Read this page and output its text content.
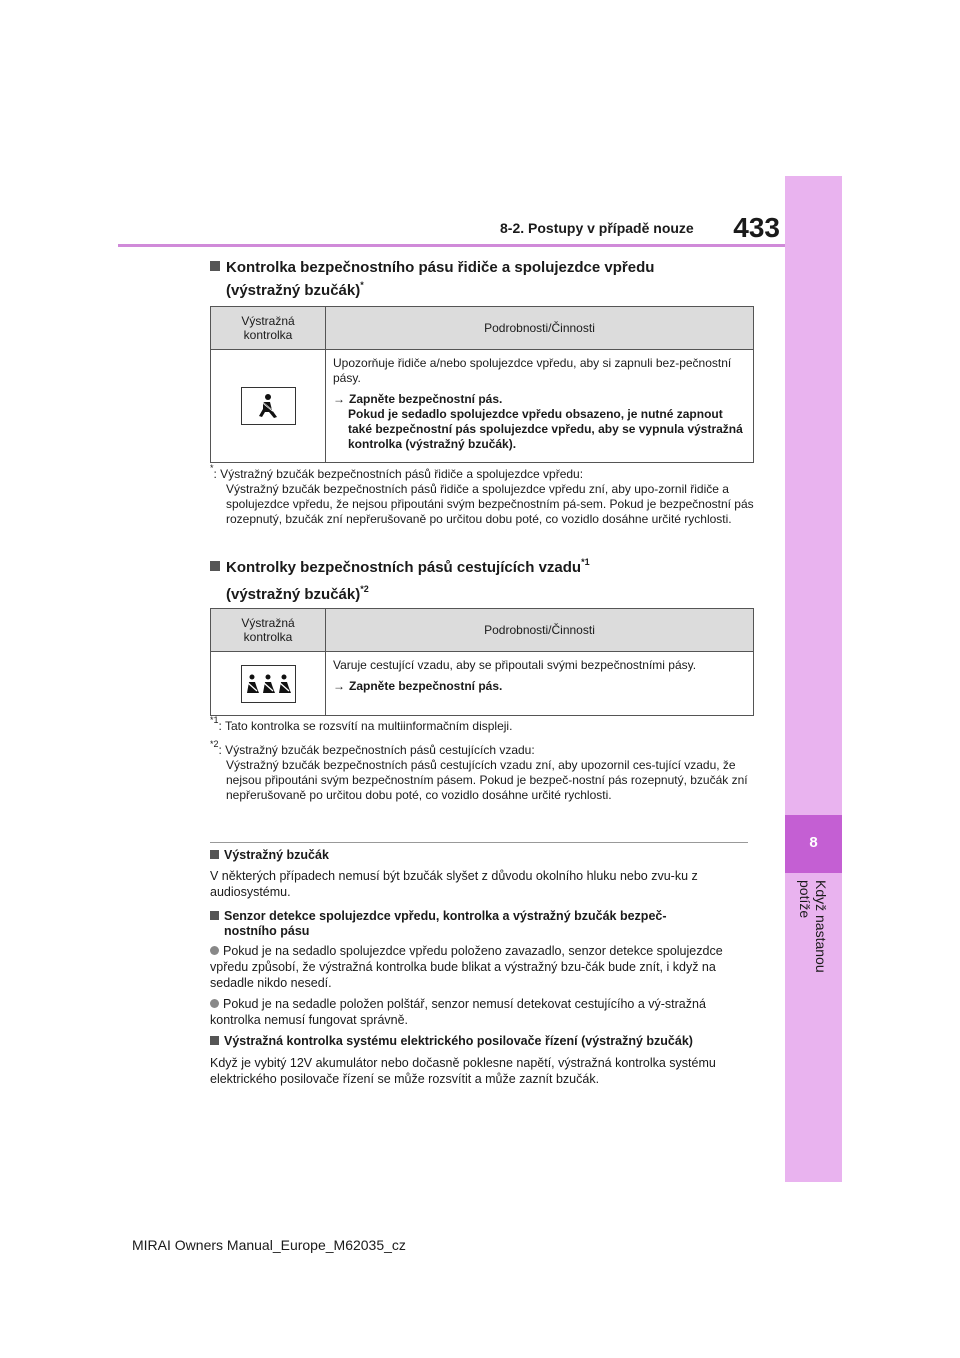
8
Když nastanou potíže
8-2. Postupy v případě nouze	433
Kontrolka bezpečnostního pásu řidiče a spolujezdce vpředu
(výstražný bzučák)*
Výstražná
kontrolka	Podrobnosti/Činnosti

Upozorňuje řidiče a/nebo spolujezdce vpředu, aby si zapnuli bez-pečnostní pásy.

→ Zapněte bezpečnostní pás.
Pokud je sedadlo spolujezdce vpředu obsazeno, je nutné zapnout také bezpečnostní pás spolujezdce vpředu, aby se vypnula výstražná kontrolka (výstražný bzučák).

*: Výstražný bzučák bezpečnostních pásů řidiče a spolujezdce vpředu:
Výstražný bzučák bezpečnostních pásů řidiče a spolujezdce vpředu zní, aby upo-zornil řidiče a spolujezdce vpředu, že nejsou připoutáni svým bezpečnostním pá-sem. Pokud je bezpečnostní pás rozepnutý, bzučák zní nepřerušovaně po určitou dobu poté, co vozidlo dosáhne určité rychlosti.
Kontrolky bezpečnostních pásů cestujících vzadu$^{*1}$
(výstražný bzučák)$^{*2}$
Výstražná
kontrolka	Podrobnosti/Činnosti

Varuje cestující vzadu, aby se připoutali svými bezpečnostními pásy.

→ Zapněte bezpečnostní pás.

$^{*1}$: Tato kontrolka se rozsvítí na multiinformačním displeji.
$^{*2}$: Výstražný bzučák bezpečnostních pásů cestujících vzadu:
Výstražný bzučák bezpečnostních pásů cestujících vzadu zní, aby upozornil ces-tující vzadu, že nejsou připoutáni svým bezpečnostním pásem. Pokud je bezpeč-nostní pás rozepnutý, bzučák zní nepřerušovaně po určitou dobu poté, co vozidlo dosáhne určité rychlosti.
Výstražný bzučák
V některých případech nemusí být bzučák slyšet z důvodu okolního hluku nebo zvu-ku z audiosystému.
Senzor detekce spolujezdce vpředu, kontrolka a výstražný bzučák bezpeč-
nostního pásu
Pokud je na sedadlo spolujezdce vpředu položeno zavazadlo, senzor detekce spolujezdce vpředu způsobí, že výstražná kontrolka bude blikat a výstražný bzu-čák bude znít, i když na sedadle nikdo nesedí.
Pokud je na sedadle položen polštář, senzor nemusí detekovat cestujícího a vý-stražná kontrolka nemusí fungovat správně.
Výstražná kontrolka systému elektrického posilovače řízení (výstražný bzučák)
Když je vybitý 12V akumulátor nebo dočasně poklesne napětí, výstražná kontrolka systému elektrického posilovače řízení se může rozsvítit a může zaznít bzučák.
MIRAI Owners Manual_Europe_M62035_cz
